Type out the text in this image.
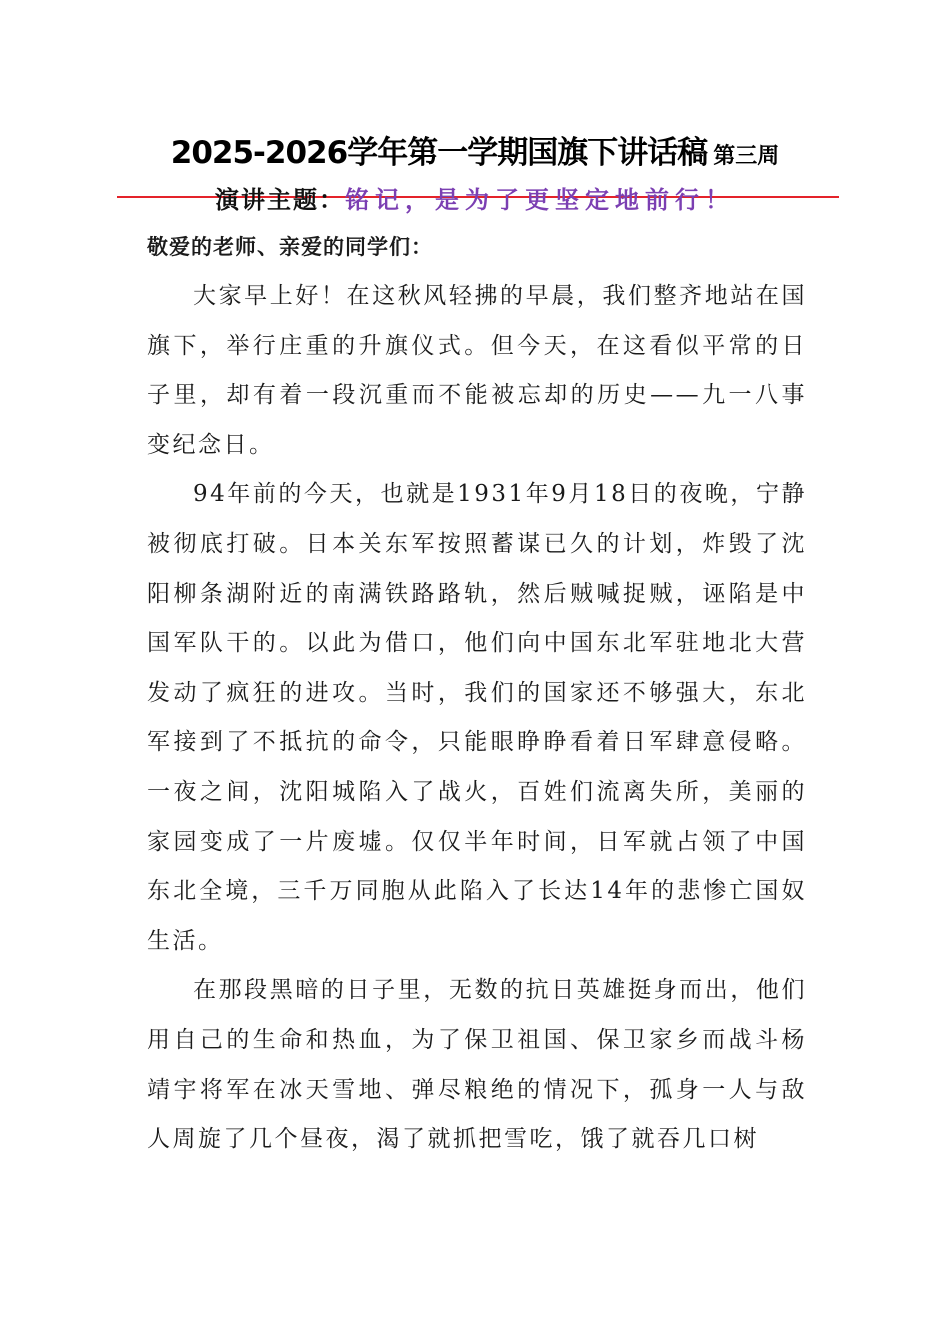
2025-2026学年第一学期国旗下讲话稿 第三周
演讲主题：铭记，是为了更坚定地前行！

敬爱的老师、亲爱的同学们：

大家早上好！在这秋风轻拂的早晨，我们整齐地站在国旗下，举行庄重的升旗仪式。但今天，在这看似平常的日子里，却有着一段沉重而不能被忘却的历史——九一八事变纪念日。

94年前的今天，也就是1931年9月18日的夜晚，宁静被彻底打破。日本关东军按照蓄谋已久的计划，炸毁了沈阳柳条湖附近的南满铁路路轨，然后贼喊捉贼，诬陷是中国军队干的。以此为借口，他们向中国东北军驻地北大营发动了疯狂的进攻。当时，我们的国家还不够强大，东北军接到了不抵抗的命令，只能眼睁睁看着日军肆意侵略。一夜之间，沈阳城陷入了战火，百姓们流离失所，美丽的家园变成了一片废墟。仅仅半年时间，日军就占领了中国东北全境，三千万同胞从此陷入了长达14年的悲惨亡国奴生活。

在那段黑暗的日子里，无数的抗日英雄挺身而出，他们用自己的生命和热血，为了保卫祖国、保卫家乡而战斗杨靖宇将军在冰天雪地、弹尽粮绝的情况下，孤身一人与敌人周旋了几个昼夜，渴了就抓把雪吃，饿了就吞几口树
